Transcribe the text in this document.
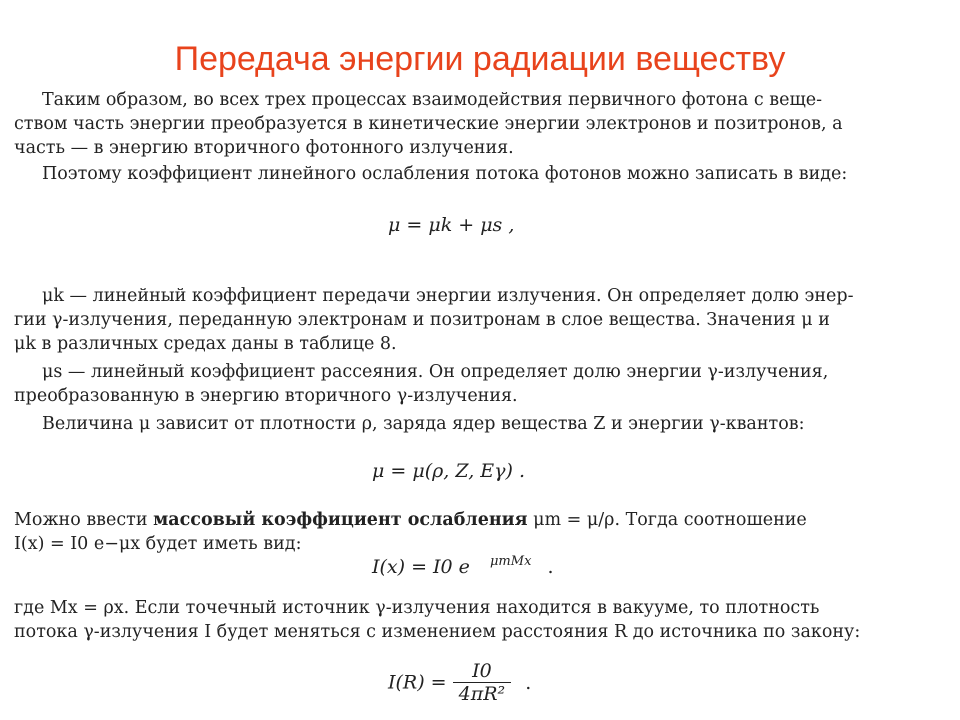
Передача энергии радиации веществу
Таким образом, во всех трех процессах взаимодействия первичного фотона с веще-
ством часть энергии преобразуется в кинетические энергии электронов и позитронов, а
часть — в энергию вторичного фотонного излучения.
Поэтому коэффициент линейного ослабления потока фотонов можно записать в виде:
μ = μk + μs ,
μk — линейный коэффициент передачи энергии излучения. Он определяет долю энер-
гии γ-излучения, переданную электронам и позитронам в слое вещества. Значения μ и
μk в различных средах даны в таблице 8.
μs — линейный коэффициент рассеяния. Он определяет долю энергии γ-излучения,
преобразованную в энергию вторичного γ-излучения.
Величина μ зависит от плотности ρ, заряда ядер вещества Z и энергии γ-квантов:
μ = μ(ρ, Z, Eγ) .
Можно ввести массовый коэффициент ослабления μm = μ/ρ. Тогда соотношение
I(x) = I0 e−μx будет иметь вид:
I(x) = I0 e $^{\mu mMx}$ .
где Mx = ρx. Если точечный источник γ-излучения находится в вакууме, то плотность
потока γ-излучения I будет меняться с изменением расстояния R до источника по закону:
$I(R) = \frac{I0}{\text{4πR²}}$ .
